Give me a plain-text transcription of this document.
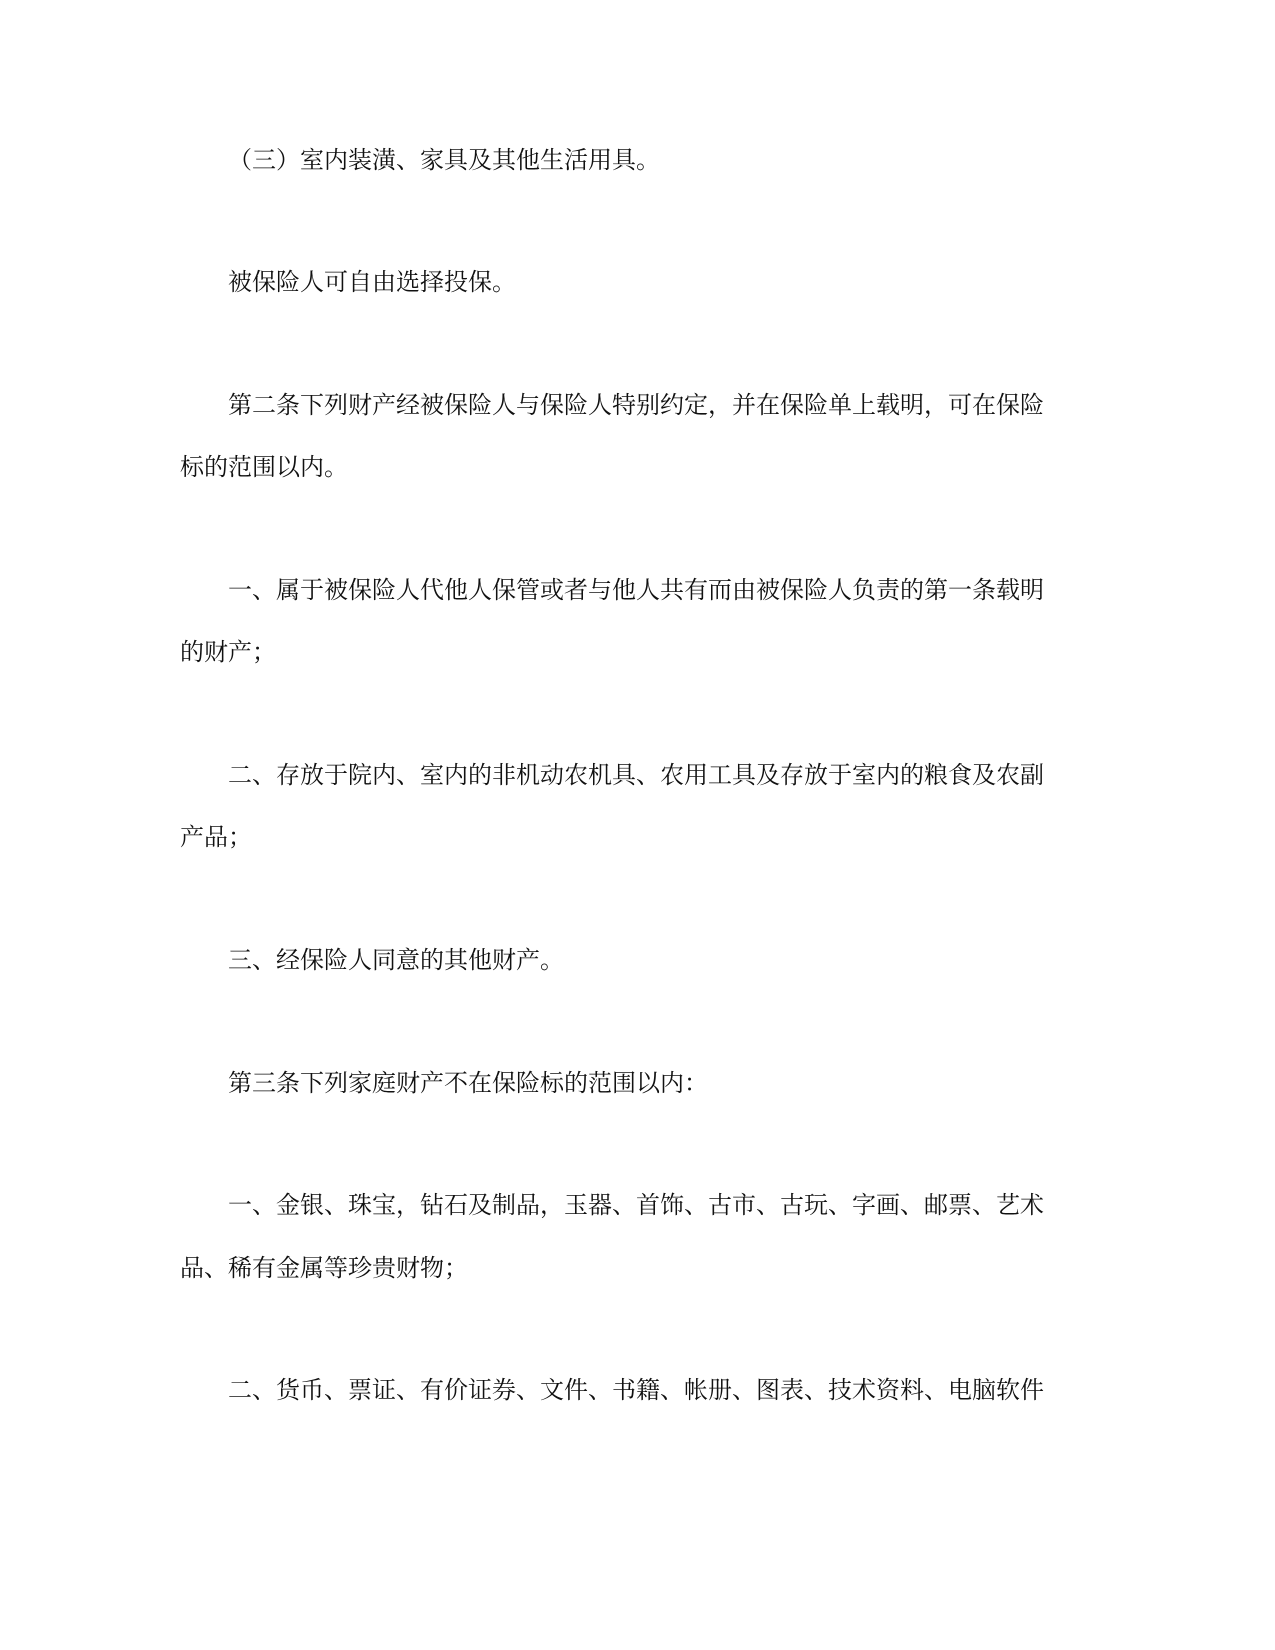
（三）室内装潢、家具及其他生活用具。

被保险人可自由选择投保。

第二条下列财产经被保险人与保险人特别约定，并在保险单上载明，可在保险

标的范围以内。

一、属于被保险人代他人保管或者与他人共有而由被保险人负责的第一条载明

的财产；

二、存放于院内、室内的非机动农机具、农用工具及存放于室内的粮食及农副

产品；

三、经保险人同意的其他财产。

第三条下列家庭财产不在保险标的范围以内：

一、金银、珠宝，钻石及制品，玉器、首饰、古市、古玩、字画、邮票、艺术

品、稀有金属等珍贵财物；

二、货币、票证、有价证券、文件、书籍、帐册、图表、技术资料、电脑软件
